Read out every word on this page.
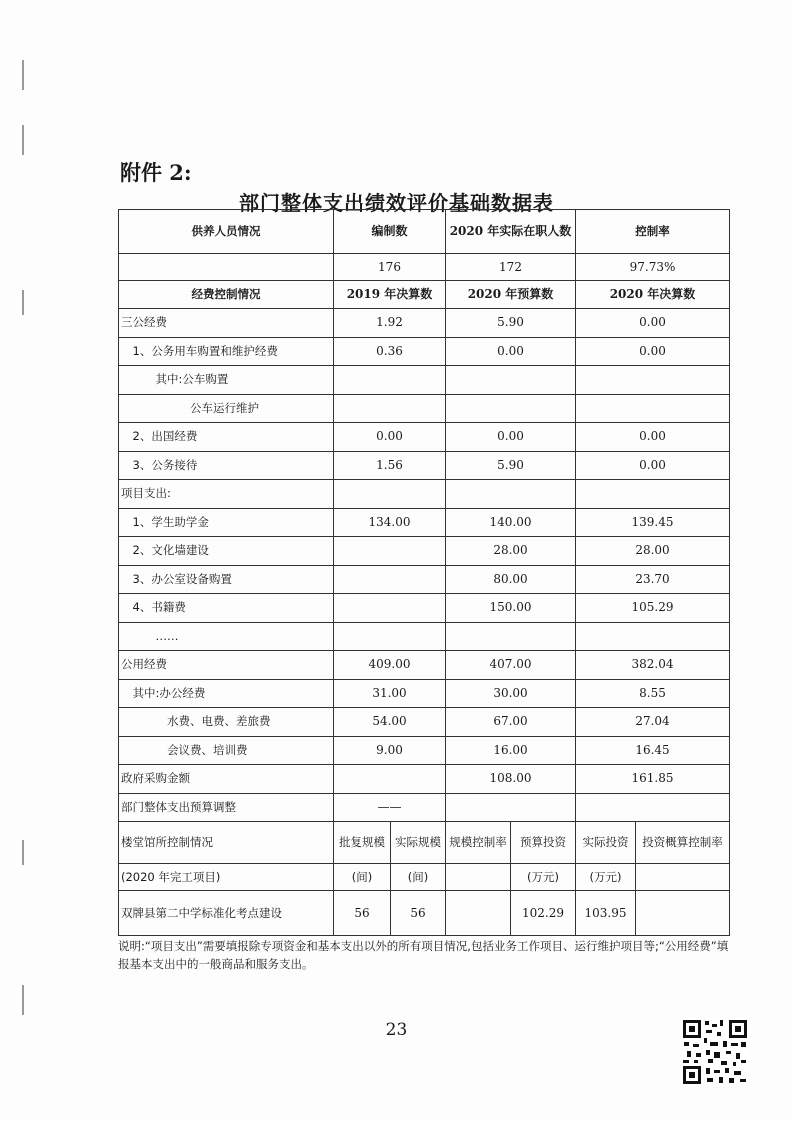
附件 2:
部门整体支出绩效评价基础数据表
供养人员情况	编制数		2020 年实际在职人数		控制率	
	176		172		97.73%	
经费控制情况	2019 年决算数		2020 年预算数		2020 年决算数	
三公经费	1.92		5.90		0.00	
　1、公务用车购置和维护经费	0.36		0.00		0.00	
　　　其中:公车购置						
　　　　　　公车运行维护						
　2、出国经费	0.00		0.00		0.00	
　3、公务接待	1.56		5.90		0.00	
项目支出:						
　1、学生助学金	134.00		140.00		139.45	
　2、文化墙建设			28.00		28.00	
　3、办公室设备购置			80.00		23.70	
　4、书籍费			150.00		105.29	
　　　……						
公用经费	409.00		407.00		382.04	
　其中:办公经费	31.00		30.00		8.55	
　　　　水费、电费、差旅费	54.00		67.00		27.04	
　　　　会议费、培训费	9.00		16.00		16.45	
政府采购金额			108.00		161.85	
部门整体支出预算调整	——					
楼堂馆所控制情况	批复规模	实际规模	规模控制率	预算投资	实际投资	投资概算控制率
(2020 年完工项目)	(间)	(间)		(万元)	(万元)	
双牌县第二中学标准化考点建设	56	56		102.29	103.95	
说明:“项目支出”需要填报除专项资金和基本支出以外的所有项目情况,包括业务工作项目、运行维护项目等;“公用经费”填报基本支出中的一般商品和服务支出。
23
